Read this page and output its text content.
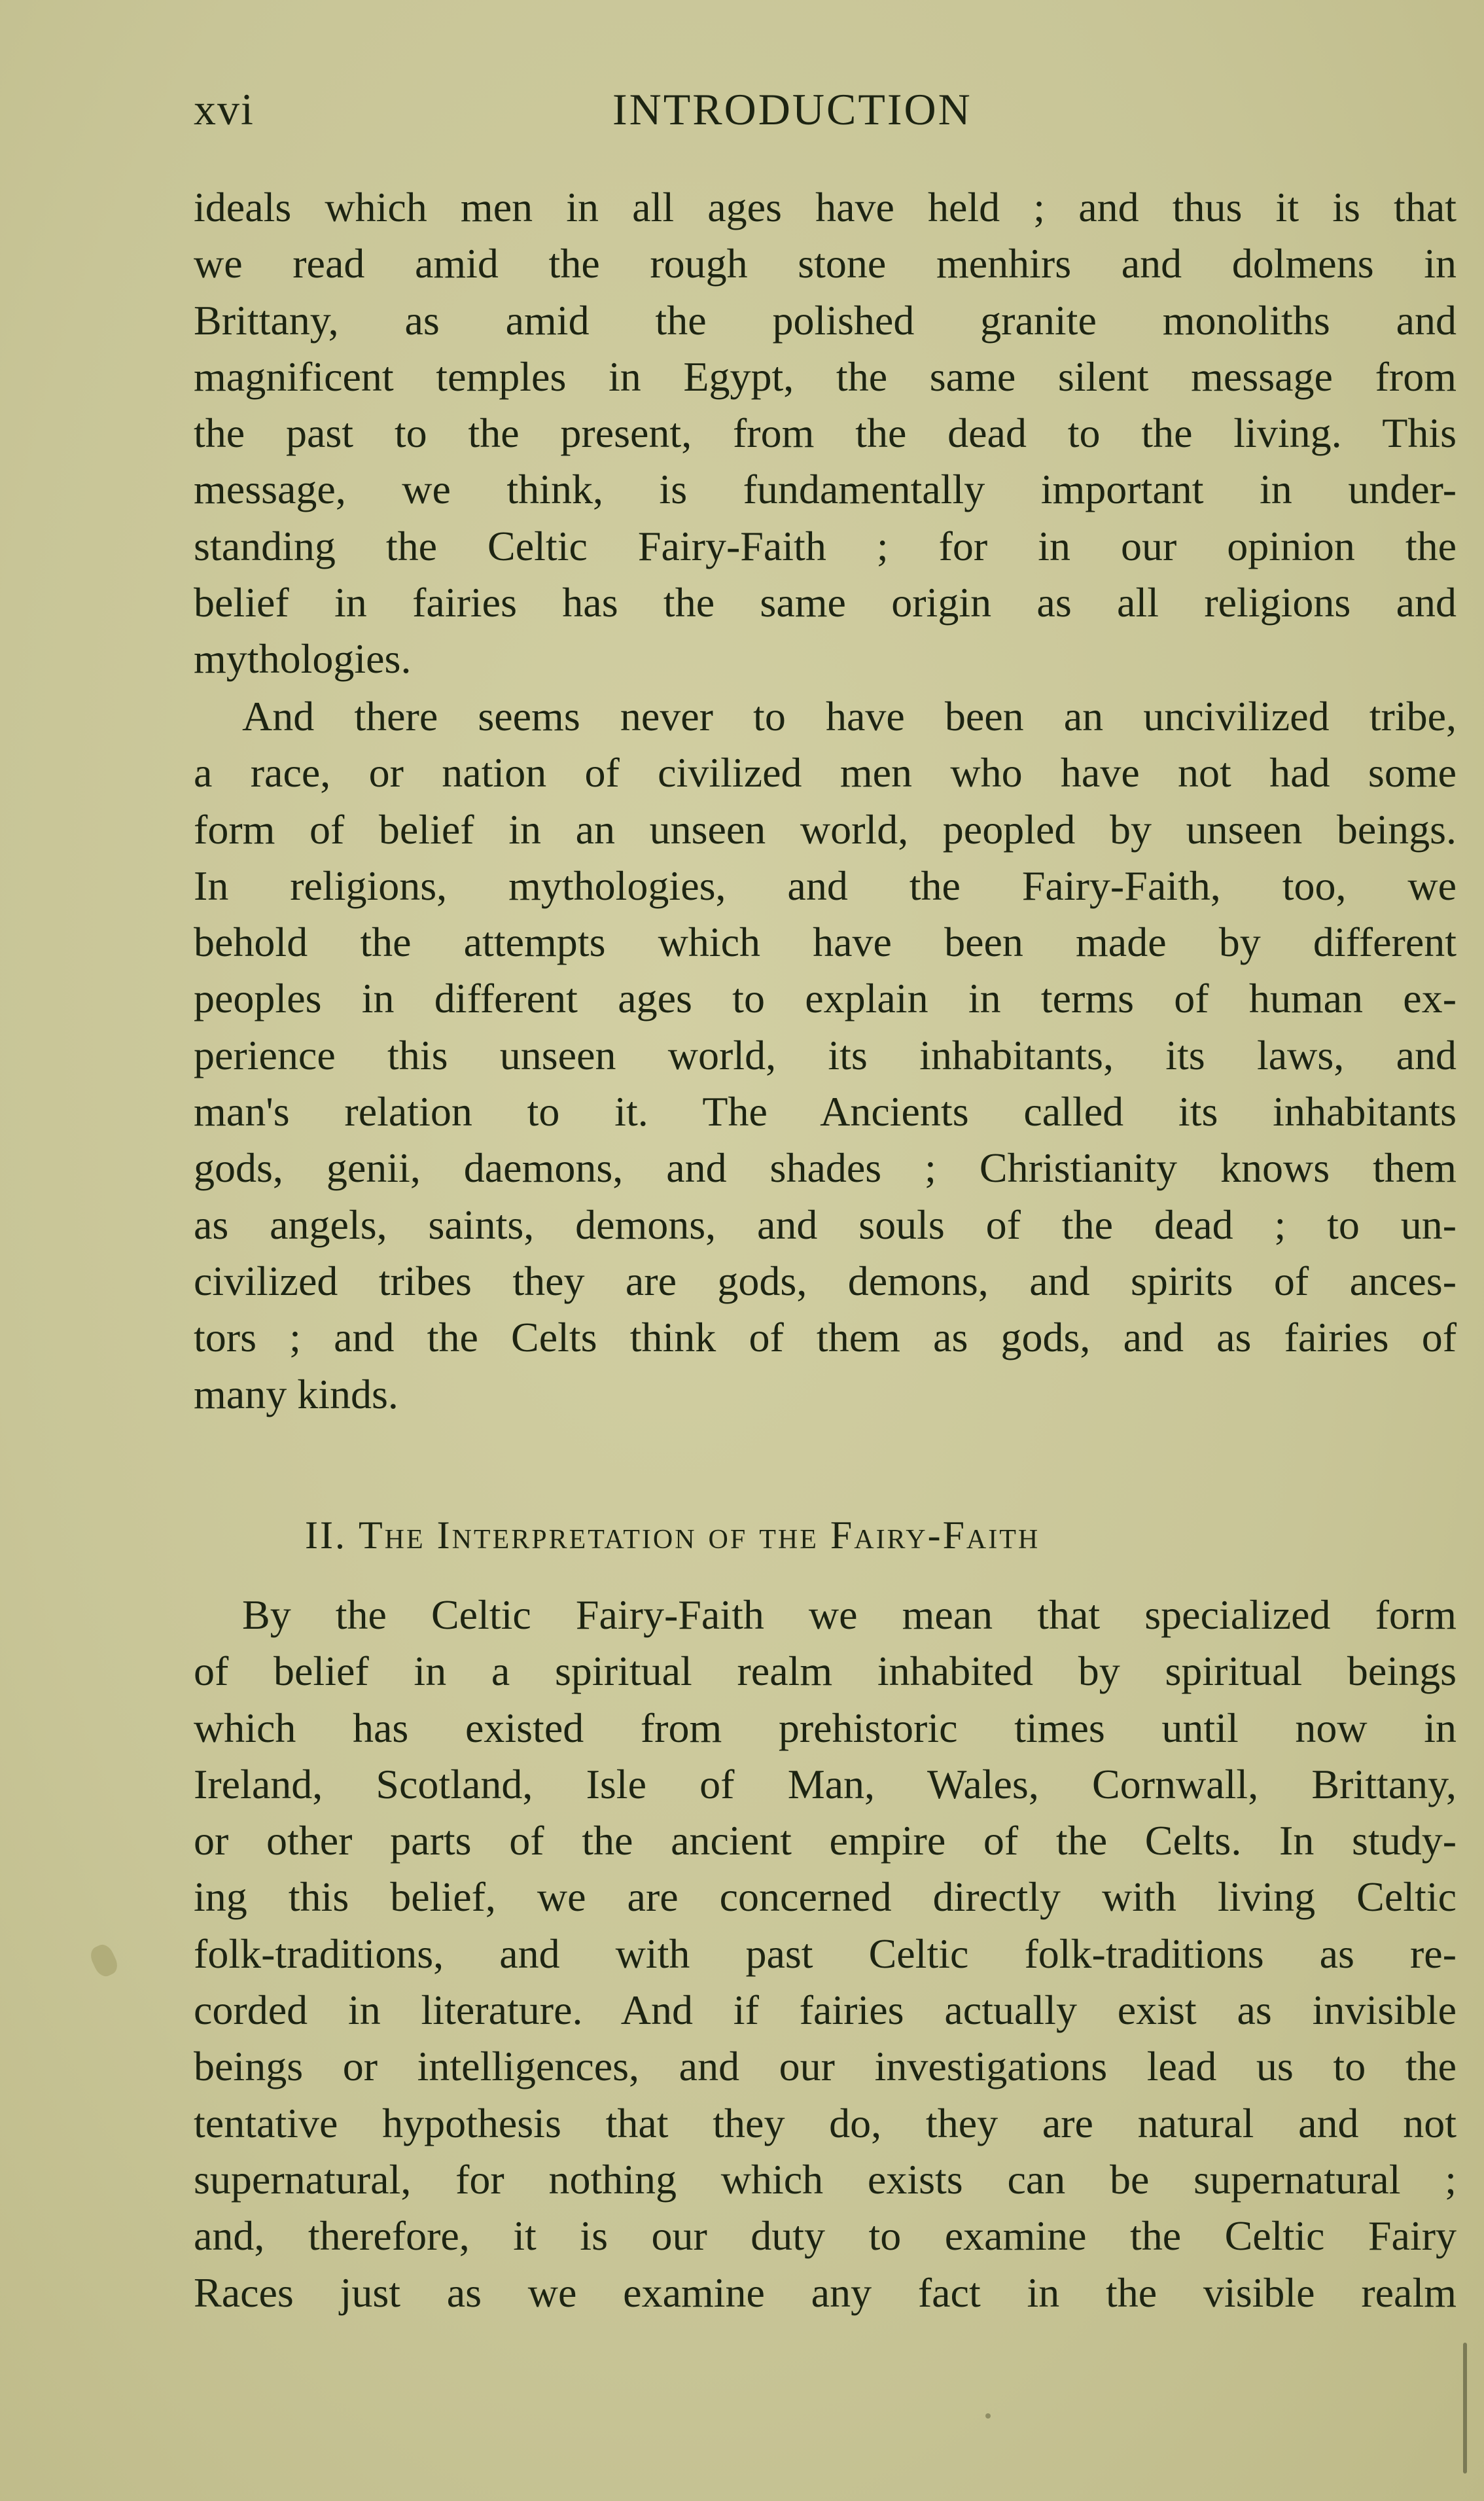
xvi	INTRODUCTION
ideals which men in all ages have held ; and thus it is that
we read amid the rough stone menhirs and dolmens in
Brittany, as amid the polished granite monoliths and
magnificent temples in Egypt, the same silent message from
the past to the present, from the dead to the living. This
message, we think, is fundamentally important in under-
standing the Celtic Fairy-Faith ; for in our opinion the
belief in fairies has the same origin as all religions and
mythologies.
And there seems never to have been an uncivilized tribe,
a race, or nation of civilized men who have not had some
form of belief in an unseen world, peopled by unseen beings.
In religions, mythologies, and the Fairy-Faith, too, we
behold the attempts which have been made by different
peoples in different ages to explain in terms of human ex-
perience this unseen world, its inhabitants, its laws, and
man's relation to it. The Ancients called its inhabitants
gods, genii, daemons, and shades ; Christianity knows them
as angels, saints, demons, and souls of the dead ; to un-
civilized tribes they are gods, demons, and spirits of ances-
tors ; and the Celts think of them as gods, and as fairies of
many kinds.
II. The Interpretation of the Fairy-Faith
By the Celtic Fairy-Faith we mean that specialized form
of belief in a spiritual realm inhabited by spiritual beings
which has existed from prehistoric times until now in
Ireland, Scotland, Isle of Man, Wales, Cornwall, Brittany,
or other parts of the ancient empire of the Celts. In study-
ing this belief, we are concerned directly with living Celtic
folk-traditions, and with past Celtic folk-traditions as re-
corded in literature. And if fairies actually exist as invisible
beings or intelligences, and our investigations lead us to the
tentative hypothesis that they do, they are natural and not
supernatural, for nothing which exists can be supernatural ;
and, therefore, it is our duty to examine the Celtic Fairy
Races just as we examine any fact in the visible realm
